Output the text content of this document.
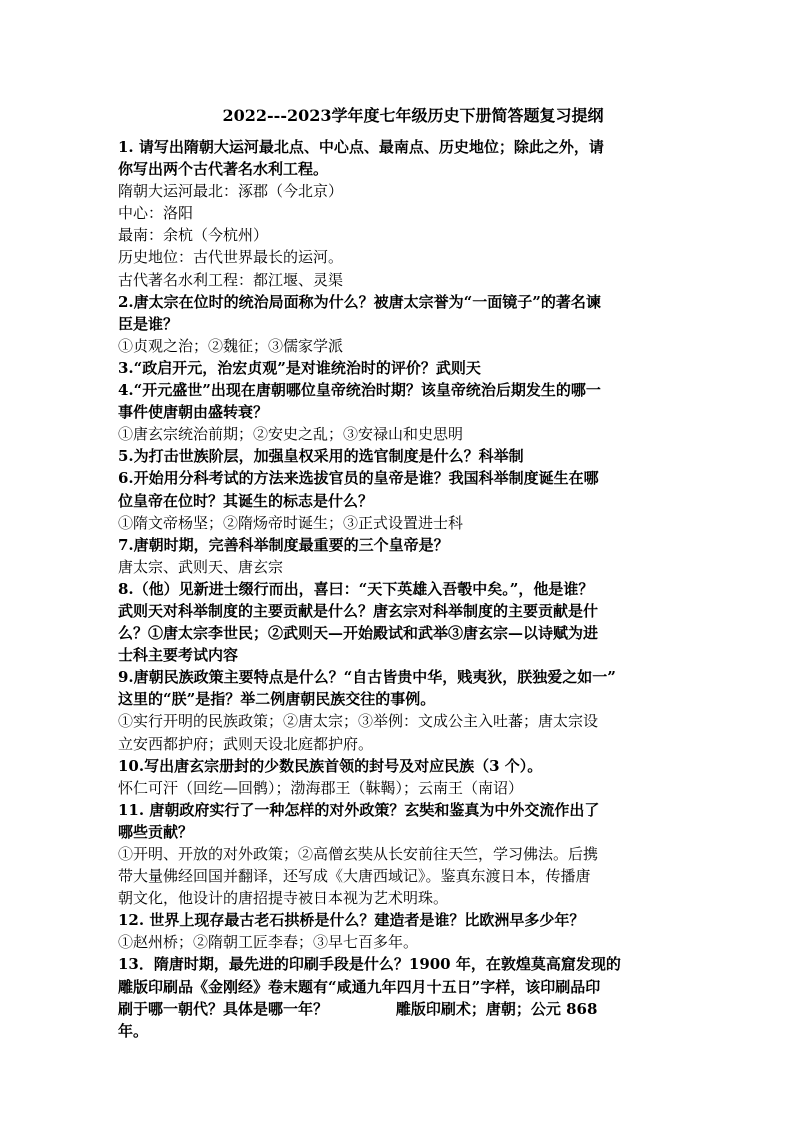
2022---2023学年度七年级历史下册简答题复习提纲

1. 请写出隋朝大运河最北点、中心点、最南点、历史地位；除此之外，请

你写出两个古代著名水利工程。

隋朝大运河最北：涿郡（今北京）

中心：洛阳

最南：余杭（今杭州）

历史地位：古代世界最长的运河。

古代著名水利工程：都江堰、灵渠

2.唐太宗在位时的统治局面称为什么？被唐太宗誉为“一面镜子”的著名谏

臣是谁？

①贞观之治；②魏征；③儒家学派

3.“政启开元，治宏贞观”是对谁统治时的评价？武则天

4.“开元盛世”出现在唐朝哪位皇帝统治时期？该皇帝统治后期发生的哪一

事件使唐朝由盛转衰？

①唐玄宗统治前期；②安史之乱；③安禄山和史思明

5.为打击世族阶层，加强皇权采用的选官制度是什么？科举制

6.开始用分科考试的方法来选拔官员的皇帝是谁？我国科举制度诞生在哪

位皇帝在位时？其诞生的标志是什么？

①隋文帝杨坚；②隋炀帝时诞生；③正式设置进士科

7.唐朝时期，完善科举制度最重要的三个皇帝是？

唐太宗、武则天、唐玄宗

8.（他）见新进士缀行而出，喜曰：“天下英雄入吾彀中矣。”，他是谁？

武则天对科举制度的主要贡献是什么？唐玄宗对科举制度的主要贡献是什

么？①唐太宗李世民；②武则天—开始殿试和武举③唐玄宗—以诗赋为进

士科主要考试内容

9.唐朝民族政策主要特点是什么？“自古皆贵中华，贱夷狄，朕独爱之如一”

这里的“朕”是指？举二例唐朝民族交往的事例。

①实行开明的民族政策；②唐太宗；③举例：文成公主入吐蕃；唐太宗设

立安西都护府；武则天设北庭都护府。

10.写出唐玄宗册封的少数民族首领的封号及对应民族（3 个）。

怀仁可汗（回纥—回鹘）；渤海郡王（靺鞨）；云南王（南诏）

11. 唐朝政府实行了一种怎样的对外政策？玄奘和鉴真为中外交流作出了

哪些贡献？

①开明、开放的对外政策；②高僧玄奘从长安前往天竺，学习佛法。后携

带大量佛经回国并翻译，还写成《大唐西域记》。鉴真东渡日本，传播唐

朝文化，他设计的唐招提寺被日本视为艺术明珠。

12. 世界上现存最古老石拱桥是什么？建造者是谁？比欧洲早多少年？

①赵州桥；②隋朝工匠李春；③早七百多年。

13．隋唐时期，最先进的印刷手段是什么？1900 年，在敦煌莫高窟发现的

雕版印刷品《金刚经》卷末题有“咸通九年四月十五日”字样，该印刷品印

刷于哪一朝代？具体是哪一年？             雕版印刷术；唐朝；公元 868

年。
